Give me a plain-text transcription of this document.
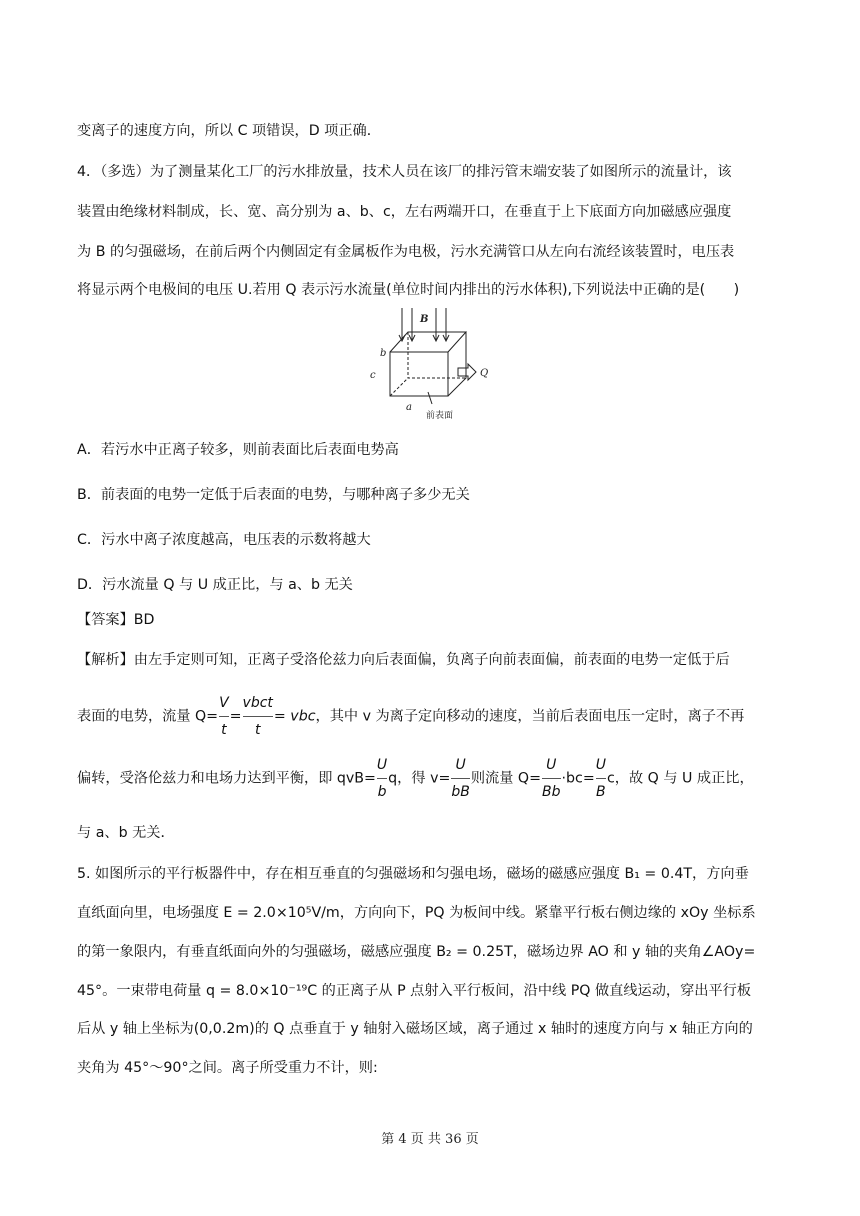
变离子的速度方向，所以 C 项错误，D 项正确．
4．（多选）为了测量某化工厂的污水排放量，技术人员在该厂的排污管末端安装了如图所示的流量计，该
装置由绝缘材料制成，长、宽、高分别为 a、b、c，左右两端开口，在垂直于上下底面方向加磁感应强度
为 B 的匀强磁场，在前后两个内侧固定有金属板作为电极，污水充满管口从左向右流经该装置时，电压表
将显示两个电极间的电压 U.若用 Q 表示污水流量(单位时间内排出的污水体积),下列说法中正确的是(　　)
B
b
c
a
Q
前表面
A．若污水中正离子较多，则前表面比后表面电势高
B．前表面的电势一定低于后表面的电势，与哪种离子多少无关
C．污水中离子浓度越高，电压表的示数将越大
D．污水流量 Q 与 U 成正比，与 a、b 无关
【答案】BD
【解析】由左手定则可知，正离子受洛伦兹力向后表面偏，负离子向前表面偏，前表面的电势一定低于后
表面的电势，流量 $Q= \frac{V}{t} = \frac{\text{vbct}}{t}$ = vbc，其中 v 为离子定向移动的速度，当前后表面电压一定时，离子不再
偏转，受洛伦兹力和电场力达到平衡，即 $qvB= \frac{U}{b}$ q，得 $v= \frac{U}{bB}$ 则流量 $Q= \frac{U}{Bb} \cdot bc= \frac{U}{B}$ c，故 Q 与 U 成正比，
与 a、b 无关．
5. 如图所示的平行板器件中，存在相互垂直的匀强磁场和匀强电场，磁场的磁感应强度 B₁ = 0.4T，方向垂
直纸面向里，电场强度 E = 2.0×10⁵V/m，方向向下，PQ 为板间中线。紧靠平行板右侧边缘的 xOy 坐标系
的第一象限内，有垂直纸面向外的匀强磁场，磁感应强度 B₂ = 0.25T，磁场边界 AO 和 y 轴的夹角∠AOy=
45°。一束带电荷量 q = 8.0×10⁻¹⁹C 的正离子从 P 点射入平行板间，沿中线 PQ 做直线运动，穿出平行板
后从 y 轴上坐标为(0,0.2m)的 Q 点垂直于 y 轴射入磁场区域，离子通过 x 轴时的速度方向与 x 轴正方向的
夹角为 45°～90°之间。离子所受重力不计，则:
第 4 页 共 36 页
